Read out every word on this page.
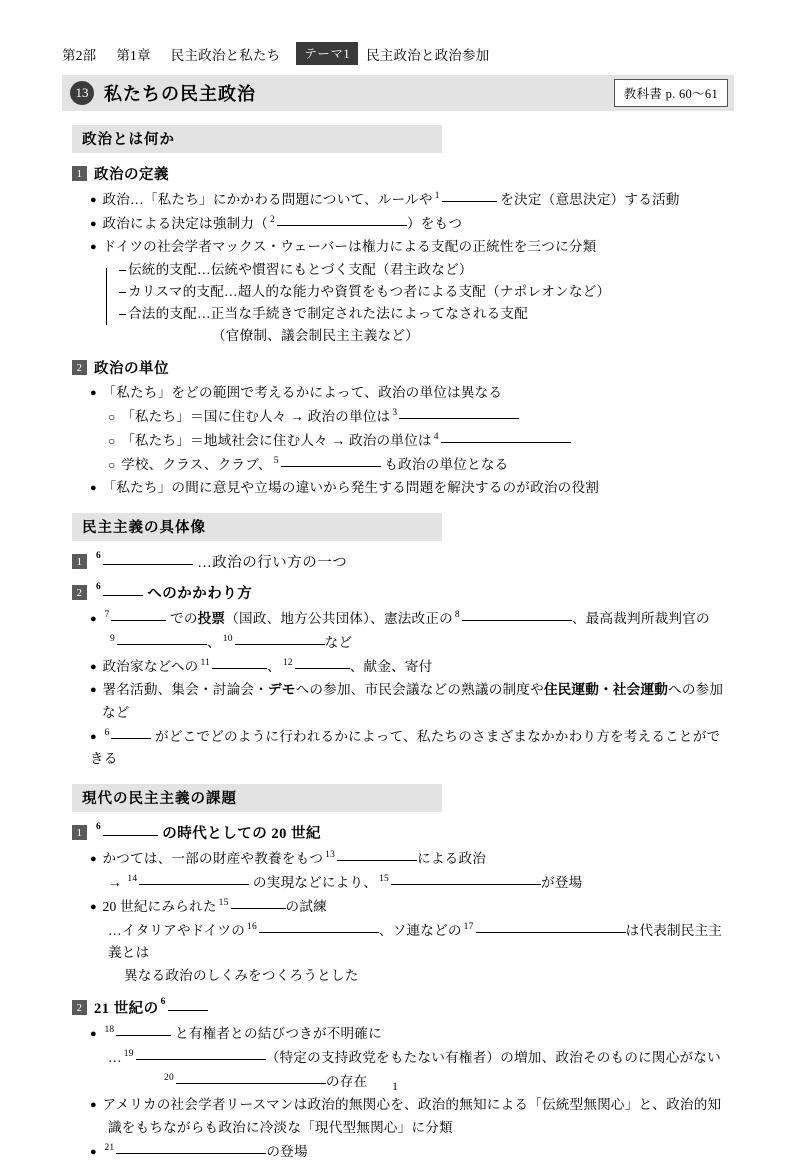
第2部 第1章 民主政治と私たち	テーマ1	民主政治と政治参加
13 私たちの民主政治	教科書 p. 60〜61
政治とは何か
1 政治の定義
● 政治…「私たち」にかかわる問題について、ルールや $^1$	を決定（意思決定）する活動
● 政治による決定は強制力（ $^2$	）をもつ
● ドイツの社会学者マックス・ウェーバーは権力による支配の正統性を三つに分類
伝統的支配…伝統や慣習にもとづく支配（君主政など）
カリスマ的支配…超人的な能力や資質をもつ者による支配（ナポレオンなど）
合法的支配…正当な手続きで制定された法によってなされる支配
（官僚制、議会制民主主義など）
2 政治の単位
● 「私たち」をどの範囲で考えるかによって、政治の単位は異なる
○ 「私たち」＝国に住む人々 → 政治の単位は $^3$
○ 「私たち」＝地域社会に住む人々 → 政治の単位は $^4$
○ 学校、クラス、クラブ、 $^5$	も政治の単位となる
● 「私たち」の間に意見や立場の違いから発生する問題を解決するのが政治の役割
民主主義の具体像
1	6	…政治の行い方の一つ
2	6	へのかかわり方
● $^7$	での投票（国政、地方公共団体）、憲法改正の $^8$	、最高裁判所裁判官の
$^9$	、 $^{10}$	など
● 政治家などへの $^{11}$	、 $^{12}$	、献金、寄付
● 署名活動、集会・討論会・デモへの参加、市民会議などの熟議の制度や住民運動・社会運動への参加
など
● $^6$	がどこでどのように行われるかによって、私たちのさまざまなかかわり方を考えることができる
現代の民主主義の課題
1	6	の時代としての 20 世紀
● かつては、一部の財産や教養をもつ $^{13}$	による政治
→ $^{14}$	の実現などにより、 $^{15}$	が登場
● 20 世紀にみられた $^{15}$	の試練
…イタリアやドイツの $^{16}$	、ソ連などの $^{17}$	は代表制民主主義とは
異なる政治のしくみをつくろうとした
2 21 世紀の 6
● $^{18}$	と有権者との結びつきが不明確に
… $^{19}$	（特定の支持政党をもたない有権者）の増加、政治そのものに関心がない
$^{20}$	の存在
● アメリカの社会学者リースマンは政治的無関心を、政治的無知による「伝統型無関心」と、政治的知
識をもちながらも政治に冷淡な「現代型無関心」に分類
● $^{21}$	の登場
1
